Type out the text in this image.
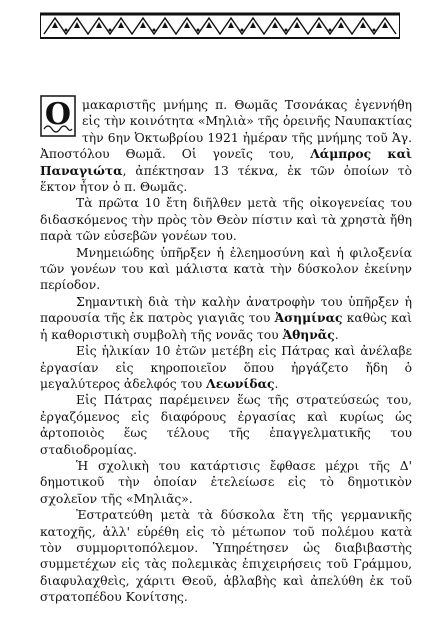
Ο μακαριστῆς μνήμης π. Θωμᾶς Τσονάκας ἐγεννήθη εἰς τὴν κοινότητα «Μηλιὰ» τῆς ὀρεινῆς Ναυπακτίας τὴν 6ην Ὀκτωβρίου 1921 ἡμέραν τῆς μνήμης τοῦ Ἁγ. Ἀποστόλου Θωμᾶ. Οἱ γονεῖς του, Λάμπρος καὶ Παναγιώτα, ἀπέκτησαν 13 τέκνα, ἐκ τῶν ὁποίων τὸ ἕκτον ἦτον ὁ π. Θωμᾶς.

Τὰ πρῶτα 10 ἔτη διῆλθεν μετὰ τῆς οἰκογενείας του διδασκόμενος τὴν πρὸς τὸν Θεὸν πίστιν καὶ τὰ χρηστὰ ἤθη παρὰ τῶν εὐσεβῶν γονέων του.

Μνημειώδης ὑπῆρξεν ἡ ἐλεημοσύνη καὶ ἡ φιλοξενία τῶν γονέων του καὶ μάλιστα κατὰ τὴν δύσκολον ἐκείνην περίοδον.

Σημαντικὴ διὰ τὴν καλὴν ἀνατροφὴν του ὑπῆρξεν ἡ παρουσία τῆς ἐκ πατρὸς γιαγιᾶς του Ἀσημίνας καθὼς καὶ ἡ καθοριστικὴ συμβολὴ τῆς νονᾶς του Ἀθηνᾶς.

Εἰς ἡλικίαν 10 ἐτῶν μετέβη εἰς Πάτρας καὶ ἀνέλαβε ἐργασίαν εἰς κηροποιεῖον ὅπου ἠργάζετο ἤδη ὁ μεγαλύτερος ἀδελφός του Λεωνίδας.

Εἰς Πάτρας παρέμεινεν ἕως τῆς στρατεύσεώς του, ἐργαζόμενος εἰς διαφόρους ἐργασίας καὶ κυρίως ὡς ἀρτοποιὸς ἕως τέλους τῆς ἐπαγγελματικῆς του σταδιοδρομίας.

Ἡ σχολικὴ του κατάρτισις ἔφθασε μέχρι τῆς Δ' δημοτικοῦ τὴν ὁποίαν ἐτελείωσε εἰς τὸ δημοτικὸν σχολεῖον τῆς «Μηλιᾶς».

Ἐστρατεύθη μετὰ τὰ δύσκολα ἔτη τῆς γερμανικῆς κατοχῆς, ἀλλ' εὑρέθη εἰς τὸ μέτωπον τοῦ πολέμου κατὰ τὸν συμμοριτοπόλεμον. Ὑπηρέτησεν ὡς διαβιβαστὴς συμμετέχων εἰς τὰς πολεμικὰς ἐπιχειρήσεις τοῦ Γράμμου, διαφυλαχθεὶς, χάριτι Θεοῦ, ἀβλαβὴς καὶ ἀπελύθη ἐκ τοῦ στρατοπέδου Κονίτσης.
